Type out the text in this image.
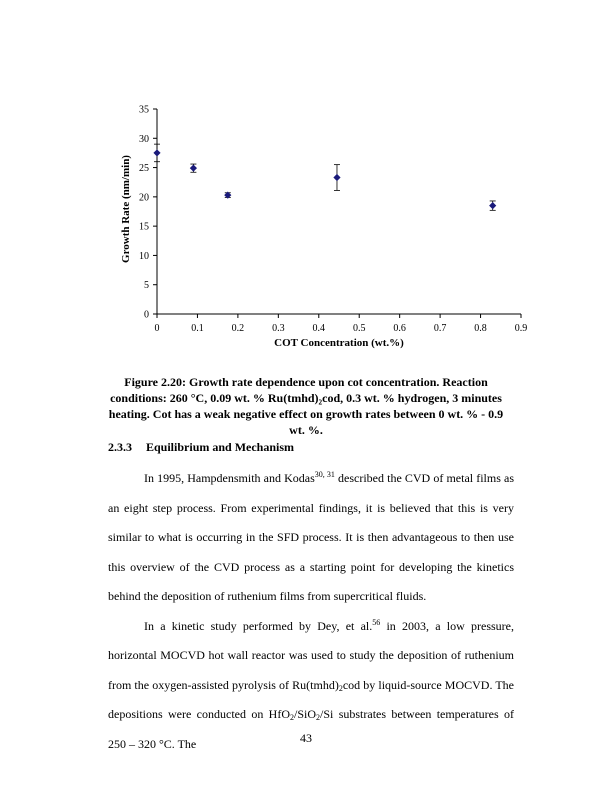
0
5
10
15
20
25
30
35
0	0.1	0.2	0.3	0.4	0.5	0.6	0.7	0.8	0.9
COT Concentration (wt.%)
Growth Rate (nm/min)
Figure 2.20: Growth rate dependence upon cot concentration. Reaction conditions: 260 °C, 0.09 wt. % Ru(tmhd)₂cod, 0.3 wt. % hydrogen, 3 minutes heating. Cot has a weak negative effect on growth rates between 0 wt. % - 0.9 wt. %.
2.3.3 Equilibrium and Mechanism

In 1995, Hampdensmith and Kodas$^{30, 31}$ described the CVD of metal films as an eight step process. From experimental findings, it is believed that this is very similar to what is occurring in the SFD process. It is then advantageous to then use this overview of the CVD process as a starting point for developing the kinetics behind the deposition of ruthenium films from supercritical fluids.

In a kinetic study performed by Dey, et al.$^{56}$ in 2003, a low pressure, horizontal MOCVD hot wall reactor was used to study the deposition of ruthenium from the oxygen-assisted pyrolysis of $Ru(tmhd)_2cod$ by liquid-source MOCVD. The depositions were conducted on HfO$_2$/SiO$_2$/Si substrates between temperatures of 250 – 320 °C. The	43
